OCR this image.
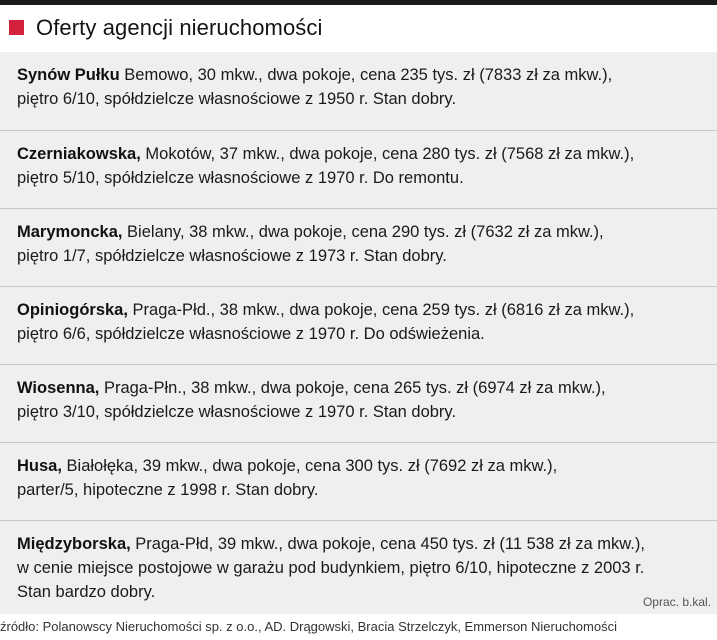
Oferty agencji nieruchomości
Synów Pułku Bemowo, 30 mkw., dwa pokoje, cena 235 tys. zł (7833 zł za mkw.),
piętro 6/10, spółdzielcze własnościowe z 1950 r. Stan dobry.
Czerniakowska, Mokotów, 37 mkw., dwa pokoje, cena 280 tys. zł (7568 zł za mkw.),
piętro 5/10, spółdzielcze własnościowe z 1970 r. Do remontu.
Marymoncka, Bielany, 38 mkw., dwa pokoje, cena 290 tys. zł (7632 zł za mkw.),
piętro 1/7, spółdzielcze własnościowe z 1973 r. Stan dobry.
Opiniogórska, Praga-Płd., 38 mkw., dwa pokoje, cena 259 tys. zł (6816 zł za mkw.),
piętro 6/6, spółdzielcze własnościowe z 1970 r. Do odświeżenia.
Wiosenna, Praga-Płn., 38 mkw., dwa pokoje, cena 265 tys. zł (6974 zł za mkw.),
piętro 3/10, spółdzielcze własnościowe z 1970 r. Stan dobry.
Husa, Białołęka, 39 mkw., dwa pokoje, cena 300 tys. zł (7692 zł za mkw.),
parter/5, hipoteczne z 1998 r. Stan dobry.
Międzyborska, Praga-Płd, 39 mkw., dwa pokoje, cena 450 tys. zł (11 538 zł za mkw.),
w cenie miejsce postojowe w garażu pod budynkiem, piętro 6/10, hipoteczne z 2003 r.
Stan bardzo dobry.
Oprac. b.kal.
źródło: Polanowscy Nieruchomości sp. z o.o., AD. Drągowski, Bracia Strzelczyk, Emmerson Nieruchomości
